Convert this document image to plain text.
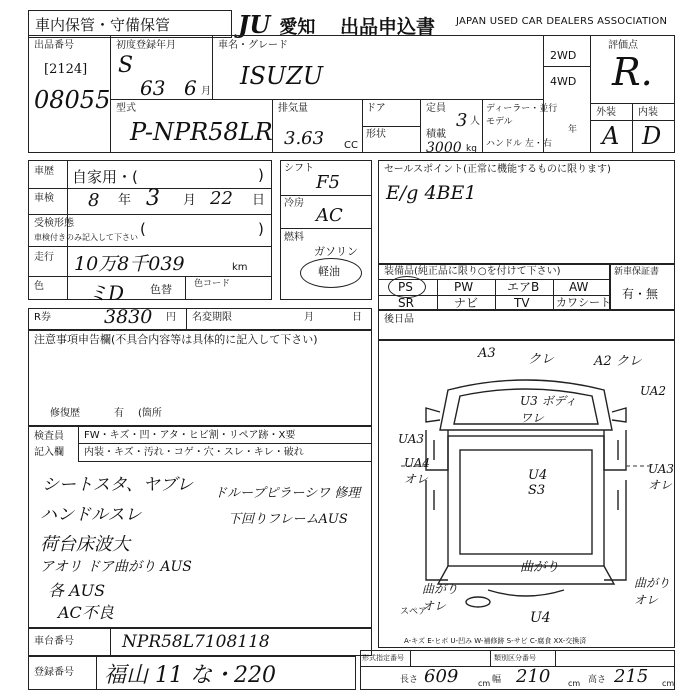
車内保管・守備保管	JU 愛知	出品申込書 JAPAN USED CAR DEALERS ASSOCIATION
出品番号
[2124]
08055
初度登録年月
S
63 6 月
車名・グレード
ISUZU
2WD
4WD
評価点
R.
外装 内装
A D
型式
P-NPR58LR
排気量
3.63 CC
ドア
形状
定員
3 人
積載
3000 kg
ディーラー・並行
モデル
年
ハンドル 左・右
車歴 自家用・(	)
車検 8 年 3 月 22 日
受検形態
車検付きのみ記入して下さい (	)
走行 10万8千039	km
色 ミD 色替 色コード
シフト
F5
冷房
AC
燃料
ガソリン
軽油
セールスポイント(正常に機能するものに限ります)
E/g 4BE1
装備品(純正品に限り○を付けて下さい)
PS	PW	エアB AW
SR	ナビ	TV カワシート
新車保証書
有・無
R券	3830 円 名変期限	月	日 後日品
注意事項申告欄(不具合内容等は具体的に記入して下さい)
修復歴	有 (箇所
検査員
記入欄
FW・キズ・凹・アタ・ヒビ割・リペア跡・X要
内装・キズ・汚れ・コゲ・穴・スレ・キレ・破れ
シートスタ、ヤブレ
ハンドルスレ
荷台床波大
アオリ ドア曲がり AUS
各 AUS
AC不良
ドループピラーシワ 修理
下回りフレームAUS
A3 クレ	A2 クレ
UA2
U3 ボディワレ
UA3
UA4 オレ
UA3 オレ
U4 S3
曲がり
曲がり オレ
曲がり オレ
スペア	U4
A-キズ E-ヒボ U-凹み W-補修跡 S-サビ C-腐食 XX-交換済
車台番号	NPR58L7108118
登録番号 福山 11 な・220
形式指定番号	類別区分番号
長さ 609 cm 幅 210 cm 高さ 215 cm
